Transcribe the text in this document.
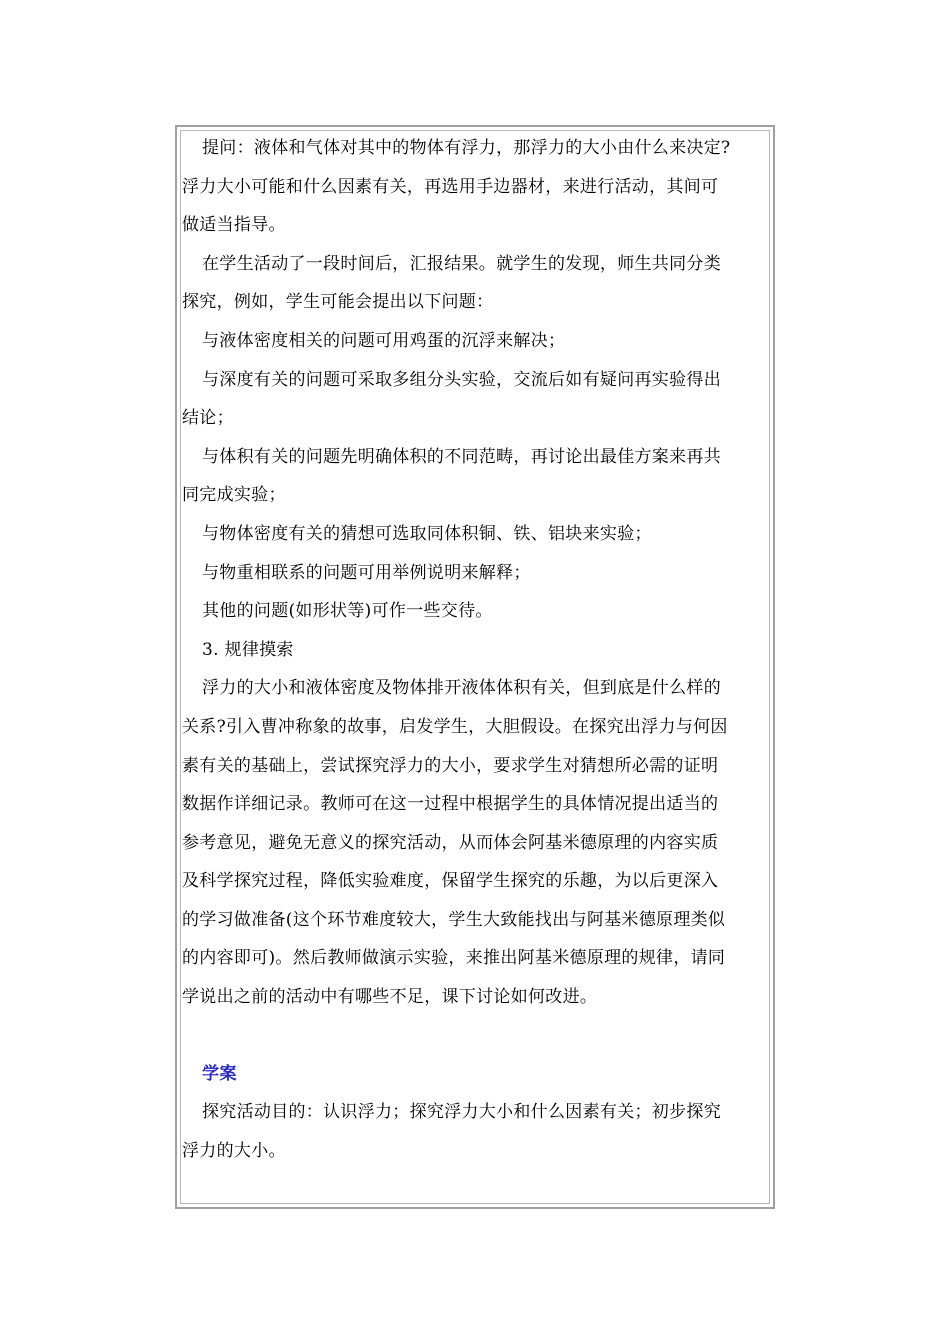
提问：液体和气体对其中的物体有浮力，那浮力的大小由什么来决定?
浮力大小可能和什么因素有关，再选用手边器材，来进行活动，其间可
做适当指导。
在学生活动了一段时间后，汇报结果。就学生的发现，师生共同分类
探究，例如，学生可能会提出以下问题：
与液体密度相关的问题可用鸡蛋的沉浮来解决；
与深度有关的问题可采取多组分头实验，交流后如有疑问再实验得出
结论；
与体积有关的问题先明确体积的不同范畴，再讨论出最佳方案来再共
同完成实验；
与物体密度有关的猜想可选取同体积铜、铁、铝块来实验；
与物重相联系的问题可用举例说明来解释；
其他的问题(如形状等)可作一些交待。
3. 规律摸索
浮力的大小和液体密度及物体排开液体体积有关，但到底是什么样的
关系?引入曹冲称象的故事，启发学生，大胆假设。在探究出浮力与何因
素有关的基础上，尝试探究浮力的大小，要求学生对猜想所必需的证明
数据作详细记录。教师可在这一过程中根据学生的具体情况提出适当的
参考意见，避免无意义的探究活动，从而体会阿基米德原理的内容实质
及科学探究过程，降低实验难度，保留学生探究的乐趣，为以后更深入
的学习做准备(这个环节难度较大，学生大致能找出与阿基米德原理类似
的内容即可)。然后教师做演示实验，来推出阿基米德原理的规律，请同
学说出之前的活动中有哪些不足，课下讨论如何改进。
学案
探究活动目的：认识浮力；探究浮力大小和什么因素有关；初步探究
浮力的大小。
